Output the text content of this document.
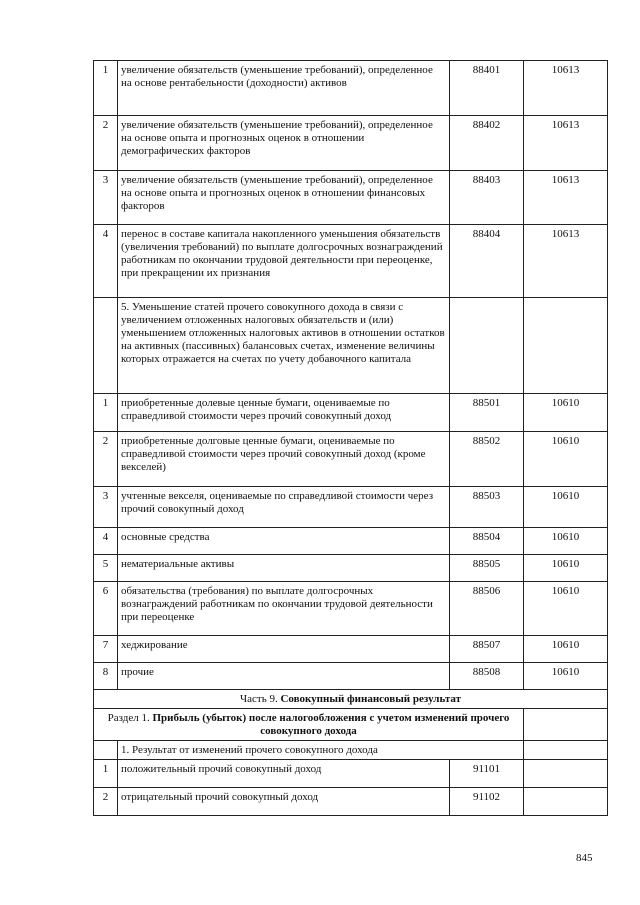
1	увеличение обязательств (уменьшение требований), определенное на основе рентабельности (доходности) активов	88401	10613
2	увеличение обязательств (уменьшение требований), определенное на основе опыта и прогнозных оценок в отношении демографических факторов	88402	10613
3	увеличение обязательств (уменьшение требований), определенное на основе опыта и прогнозных оценок в отношении финансовых факторов	88403	10613
4	перенос в составе капитала накопленного уменьшения обязательств (увеличения требований) по выплате долгосрочных вознаграждений работникам по окончании трудовой деятельности при переоценке, при прекращении их признания	88404	10613
	5. Уменьшение статей прочего совокупного дохода в связи с увеличением отложенных налоговых обязательств и (или) уменьшением отложенных налоговых активов в отношении остатков на активных (пассивных) балансовых счетах, изменение величины которых отражается на счетах по учету добавочного капитала		
1	приобретенные долевые ценные бумаги, оцениваемые по справедливой стоимости через прочий совокупный доход	88501	10610
2	приобретенные долговые ценные бумаги, оцениваемые по справедливой стоимости через прочий совокупный доход (кроме векселей)	88502	10610
3	учтенные векселя, оцениваемые по справедливой стоимости через прочий совокупный доход	88503	10610
4	основные средства	88504	10610
5	нематериальные активы	88505	10610
6	обязательства (требования) по выплате долгосрочных вознаграждений работникам по окончании трудовой деятельности при переоценке	88506	10610
7	хеджирование	88507	10610
8	прочие	88508	10610
Часть 9. Совокупный финансовый результат			
Раздел 1. Прибыль (убыток) после налогообложения с учетом изменений прочего совокупного дохода			
	1. Результат от изменений прочего совокупного дохода		
1	положительный прочий совокупный доход	91101	
2	отрицательный прочий совокупный доход	91102	
845
